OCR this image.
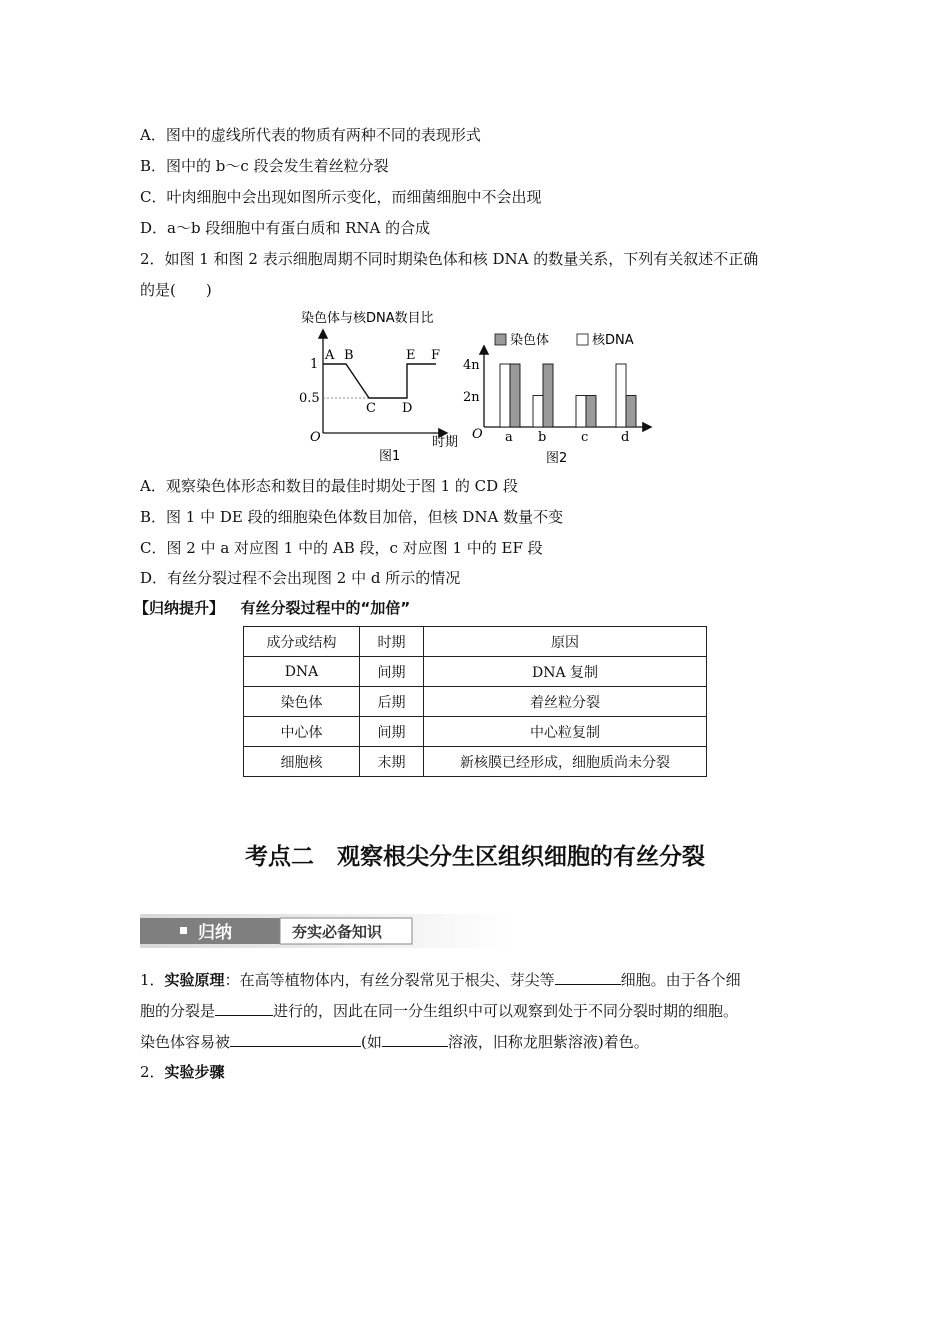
A．图中的虚线所代表的物质有两种不同的表现形式
B．图中的 b～c 段会发生着丝粒分裂
C．叶肉细胞中会出现如图所示变化，而细菌细胞中不会出现
D．a～b 段细胞中有蛋白质和 RNA 的合成
2．如图 1 和图 2 表示细胞周期不同时期染色体和核 DNA 的数量关系，下列有关叙述不正确
的是(　　)
染色体与核DNA数目比
O
1
0.5
A B
C D
E F
时期
图1
染色体	核DNA
O
4n
2n
a b	c	d
图2
A．观察染色体形态和数目的最佳时期处于图 1 的 CD 段
B．图 1 中 DE 段的细胞染色体数目加倍，但核 DNA 数量不变
C．图 2 中 a 对应图 1 中的 AB 段，c 对应图 1 中的 EF 段
D．有丝分裂过程不会出现图 2 中 d 所示的情况
【归纳提升】 有丝分裂过程中的“加倍”
成分或结构	时期	原因
DNA	间期	DNA 复制
染色体	后期	着丝粒分裂
中心体	间期	中心粒复制
细胞核	末期	新核膜已经形成，细胞质尚未分裂
考点二　观察根尖分生区组织细胞的有丝分裂
归纳	夯实必备知识
1．实验原理：在高等植物体内，有丝分裂常见于根尖、芽尖等	细胞。由于各个细
胞的分裂是	进行的，因此在同一分生组织中可以观察到处于不同分裂时期的细胞。
染色体容易被	(如	溶液，旧称龙胆紫溶液)着色。
2．实验步骤
